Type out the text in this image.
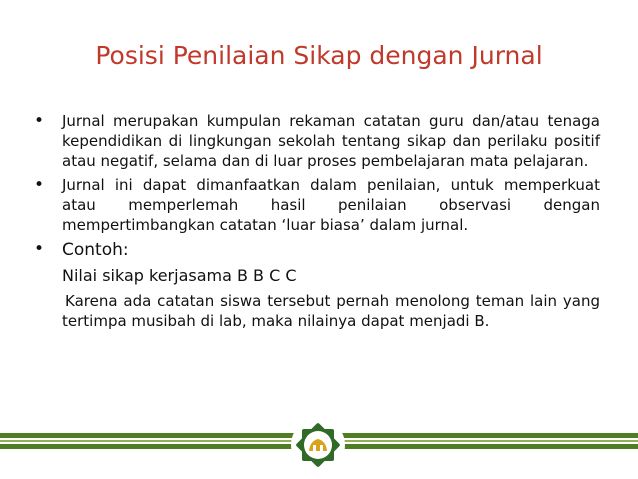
Posisi Penilaian Sikap dengan Jurnal
• Jurnal merupakan kumpulan rekaman catatan guru dan/atau tenaga kependidikan di lingkungan sekolah tentang sikap dan perilaku positif atau negatif, selama dan di luar proses pembelajaran mata pelajaran.
• Jurnal ini dapat dimanfaatkan dalam penilaian, untuk memperkuat atau memperlemah hasil penilaian observasi dengan mempertimbangkan catatan ‘luar biasa’ dalam jurnal.
• Contoh:
Nilai sikap kerjasama B B C C
Karena ada catatan siswa tersebut pernah menolong teman lain yang tertimpa musibah di lab, maka nilainya dapat menjadi B.
